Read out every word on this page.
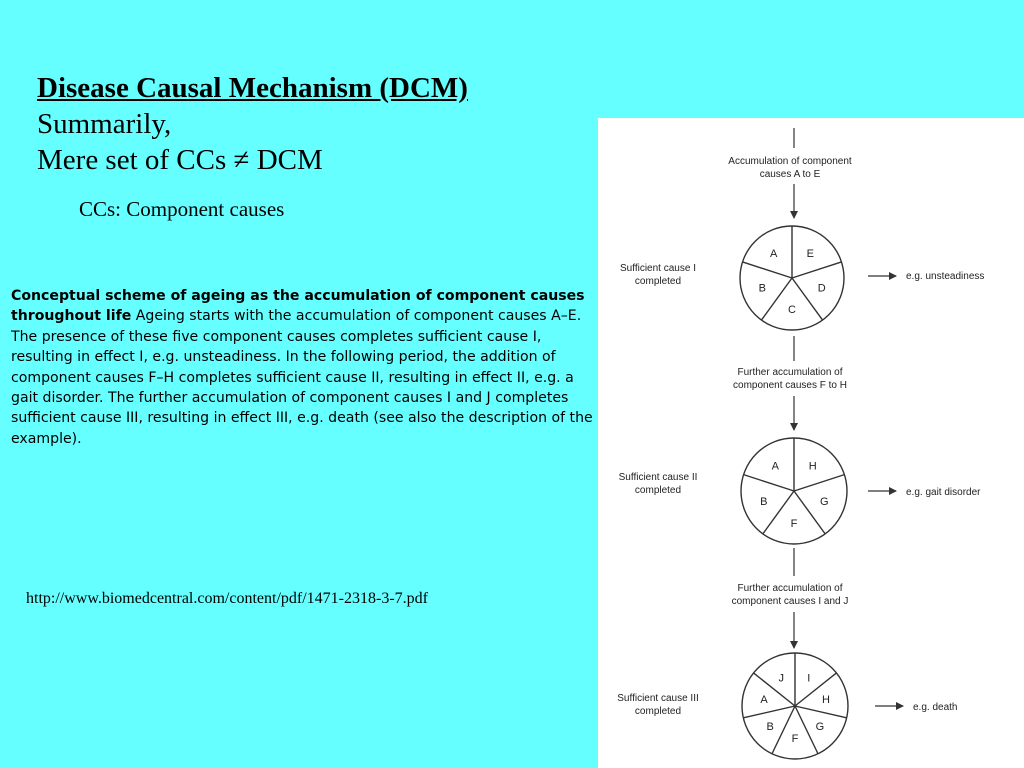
Disease Causal Mechanism (DCM)
Summarily,
Mere set of CCs ≠ DCM
CCs: Component causes
Conceptual scheme of ageing as the accumulation of component causes throughout life Ageing starts with the accumulation of component causes A–E. The presence of these five component causes completes sufficient cause I, resulting in effect I, e.g. unsteadiness. In the following period, the addition of component causes F–H completes sufficient cause II, resulting in effect II, e.g. a gait disorder. The further accumulation of component causes I and J completes sufficient cause III, resulting in effect III, e.g. death (see also the description of the example).
http://www.biomedcentral.com/content/pdf/1471-2318-3-7.pdf
Accumulation of component
causes A to E
Further accumulation of
component causes F to H
Further accumulation of
component causes I and J
E
D
C
B
A
Sufficient cause I
completed	e.g. unsteadiness
H
G
F
B
A
Sufficient cause II
completed	e.g. gait disorder
I
H
G
F
B
A
J
Sufficient cause III
completed	e.g. death
